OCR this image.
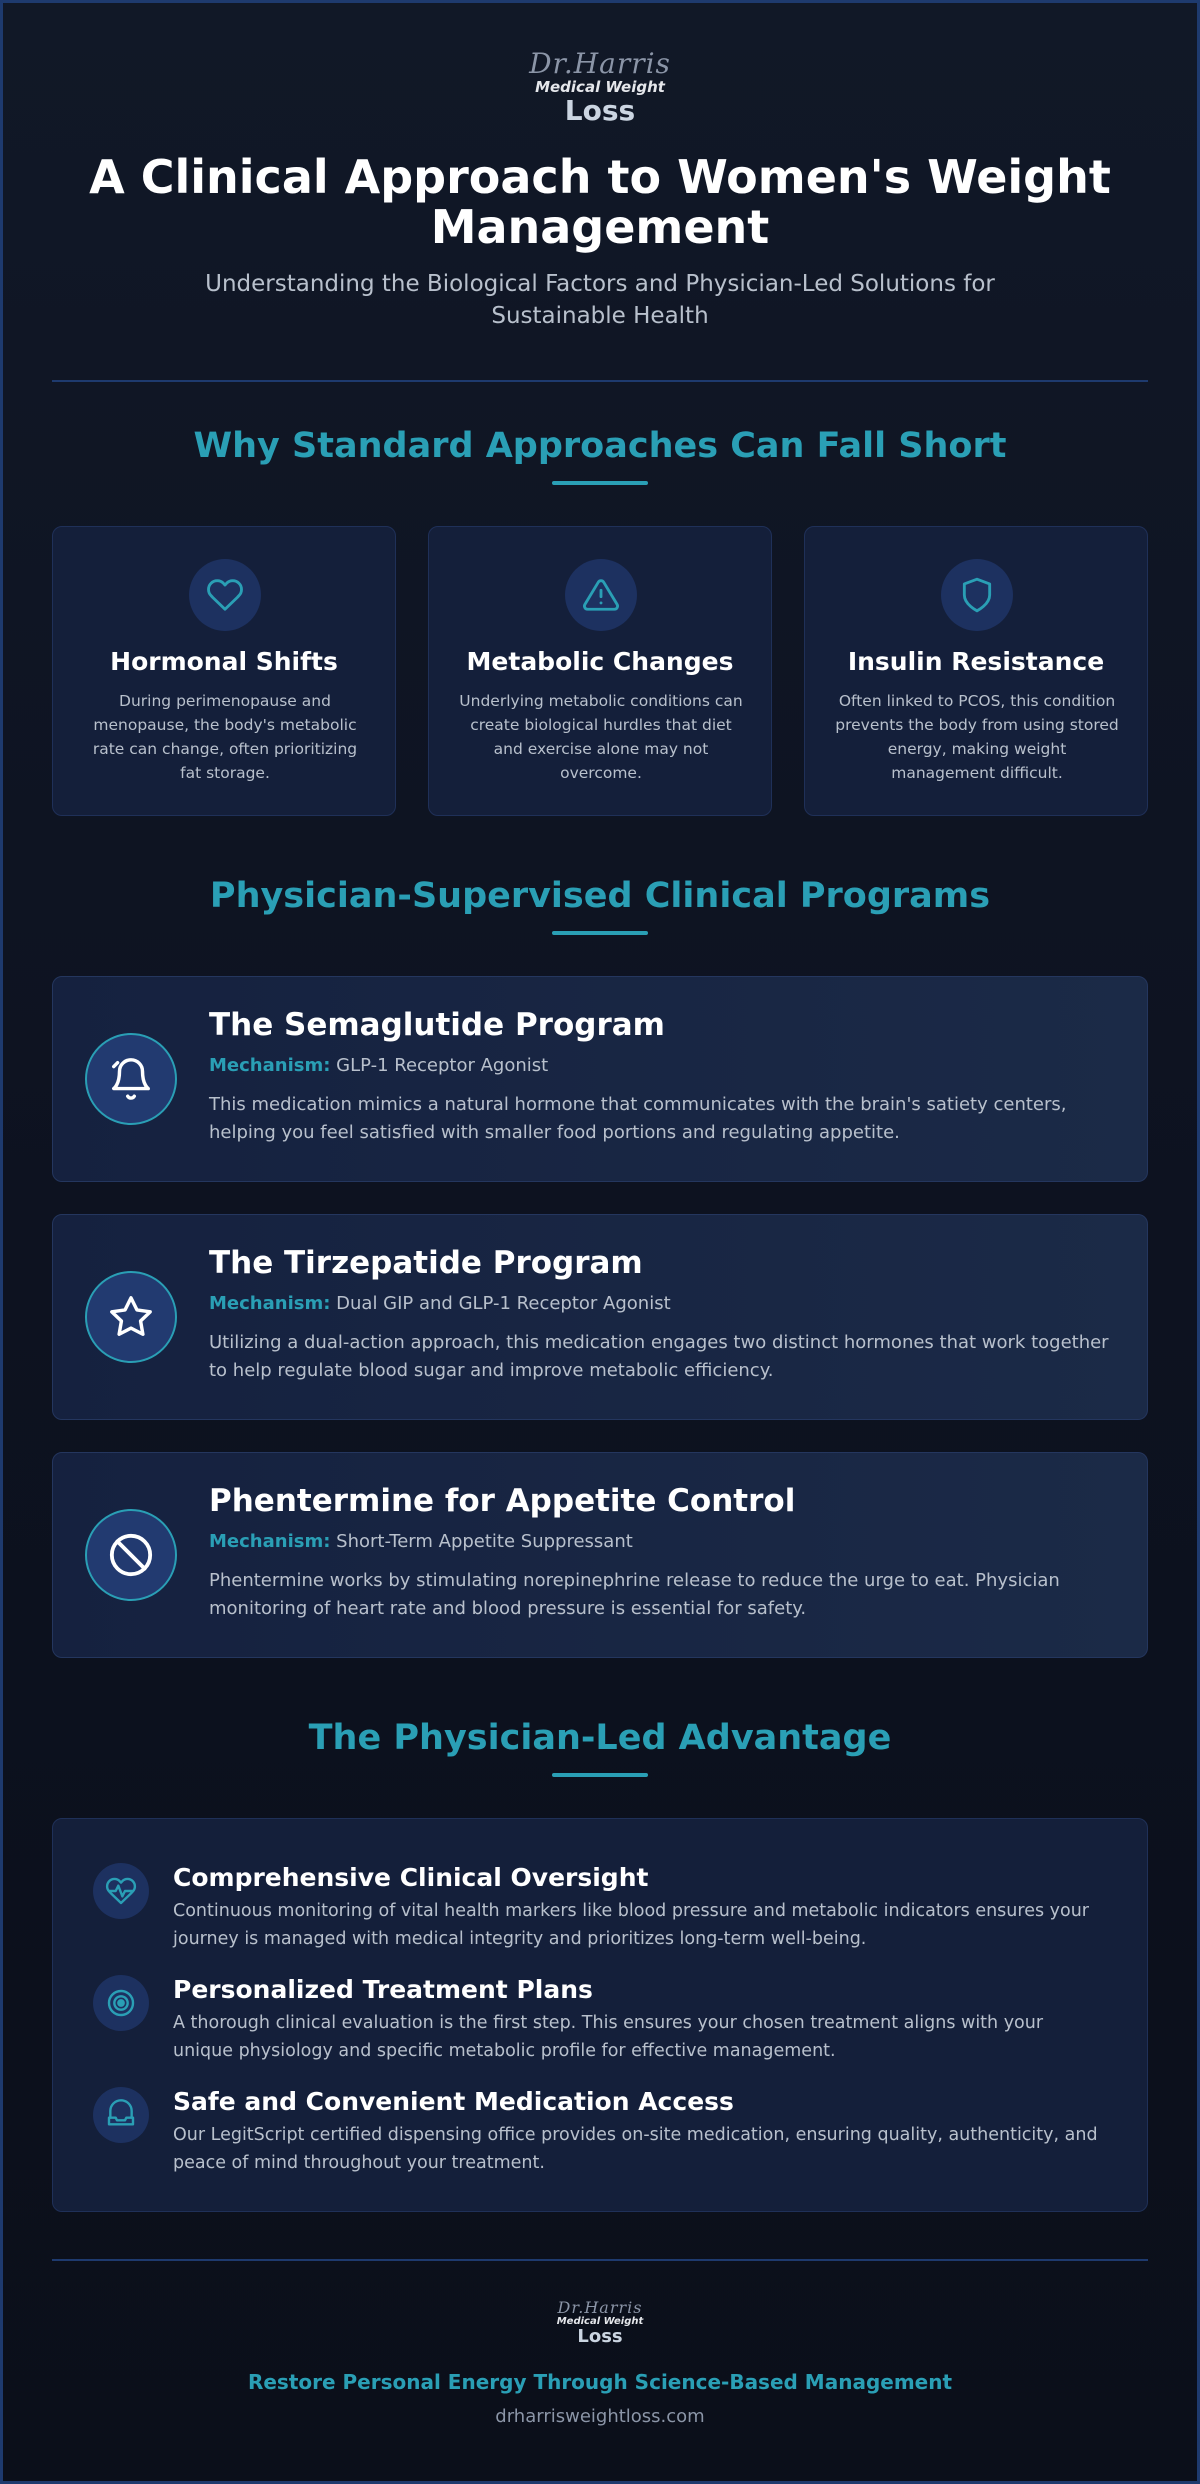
Dr.Harris
Medical Weight
Loss
A Clinical Approach to Women's Weight Management

Understanding the Biological Factors and Physician-Led Solutions for Sustainable Health

Why Standard Approaches Can Fall Short
Hormonal Shifts

During perimenopause and menopause, the body's metabolic rate can change, often prioritizing fat storage.

Metabolic Changes

Underlying metabolic conditions can create biological hurdles that diet and exercise alone may not overcome.

Insulin Resistance

Often linked to PCOS, this condition prevents the body from using stored energy, making weight management difficult.

Physician-Supervised Clinical Programs
The Semaglutide Program
Mechanism: GLP-1 Receptor Agonist

This medication mimics a natural hormone that communicates with the brain's satiety centers, helping you feel satisfied with smaller food portions and regulating appetite.

The Tirzepatide Program
Mechanism: Dual GIP and GLP-1 Receptor Agonist

Utilizing a dual-action approach, this medication engages two distinct hormones that work together to help regulate blood sugar and improve metabolic efficiency.

Phentermine for Appetite Control
Mechanism: Short-Term Appetite Suppressant

Phentermine works by stimulating norepinephrine release to reduce the urge to eat. Physician monitoring of heart rate and blood pressure is essential for safety.

The Physician-Led Advantage
Comprehensive Clinical Oversight

Continuous monitoring of vital health markers like blood pressure and metabolic indicators ensures your journey is managed with medical integrity and prioritizes long-term well-being.

Personalized Treatment Plans

A thorough clinical evaluation is the first step. This ensures your chosen treatment aligns with your unique physiology and specific metabolic profile for effective management.

Safe and Convenient Medication Access

Our LegitScript certified dispensing office provides on-site medication, ensuring quality, authenticity, and peace of mind throughout your treatment.

Dr.Harris
Medical Weight
Loss
Restore Personal Energy Through Science-Based Management
drharrisweightloss.com
